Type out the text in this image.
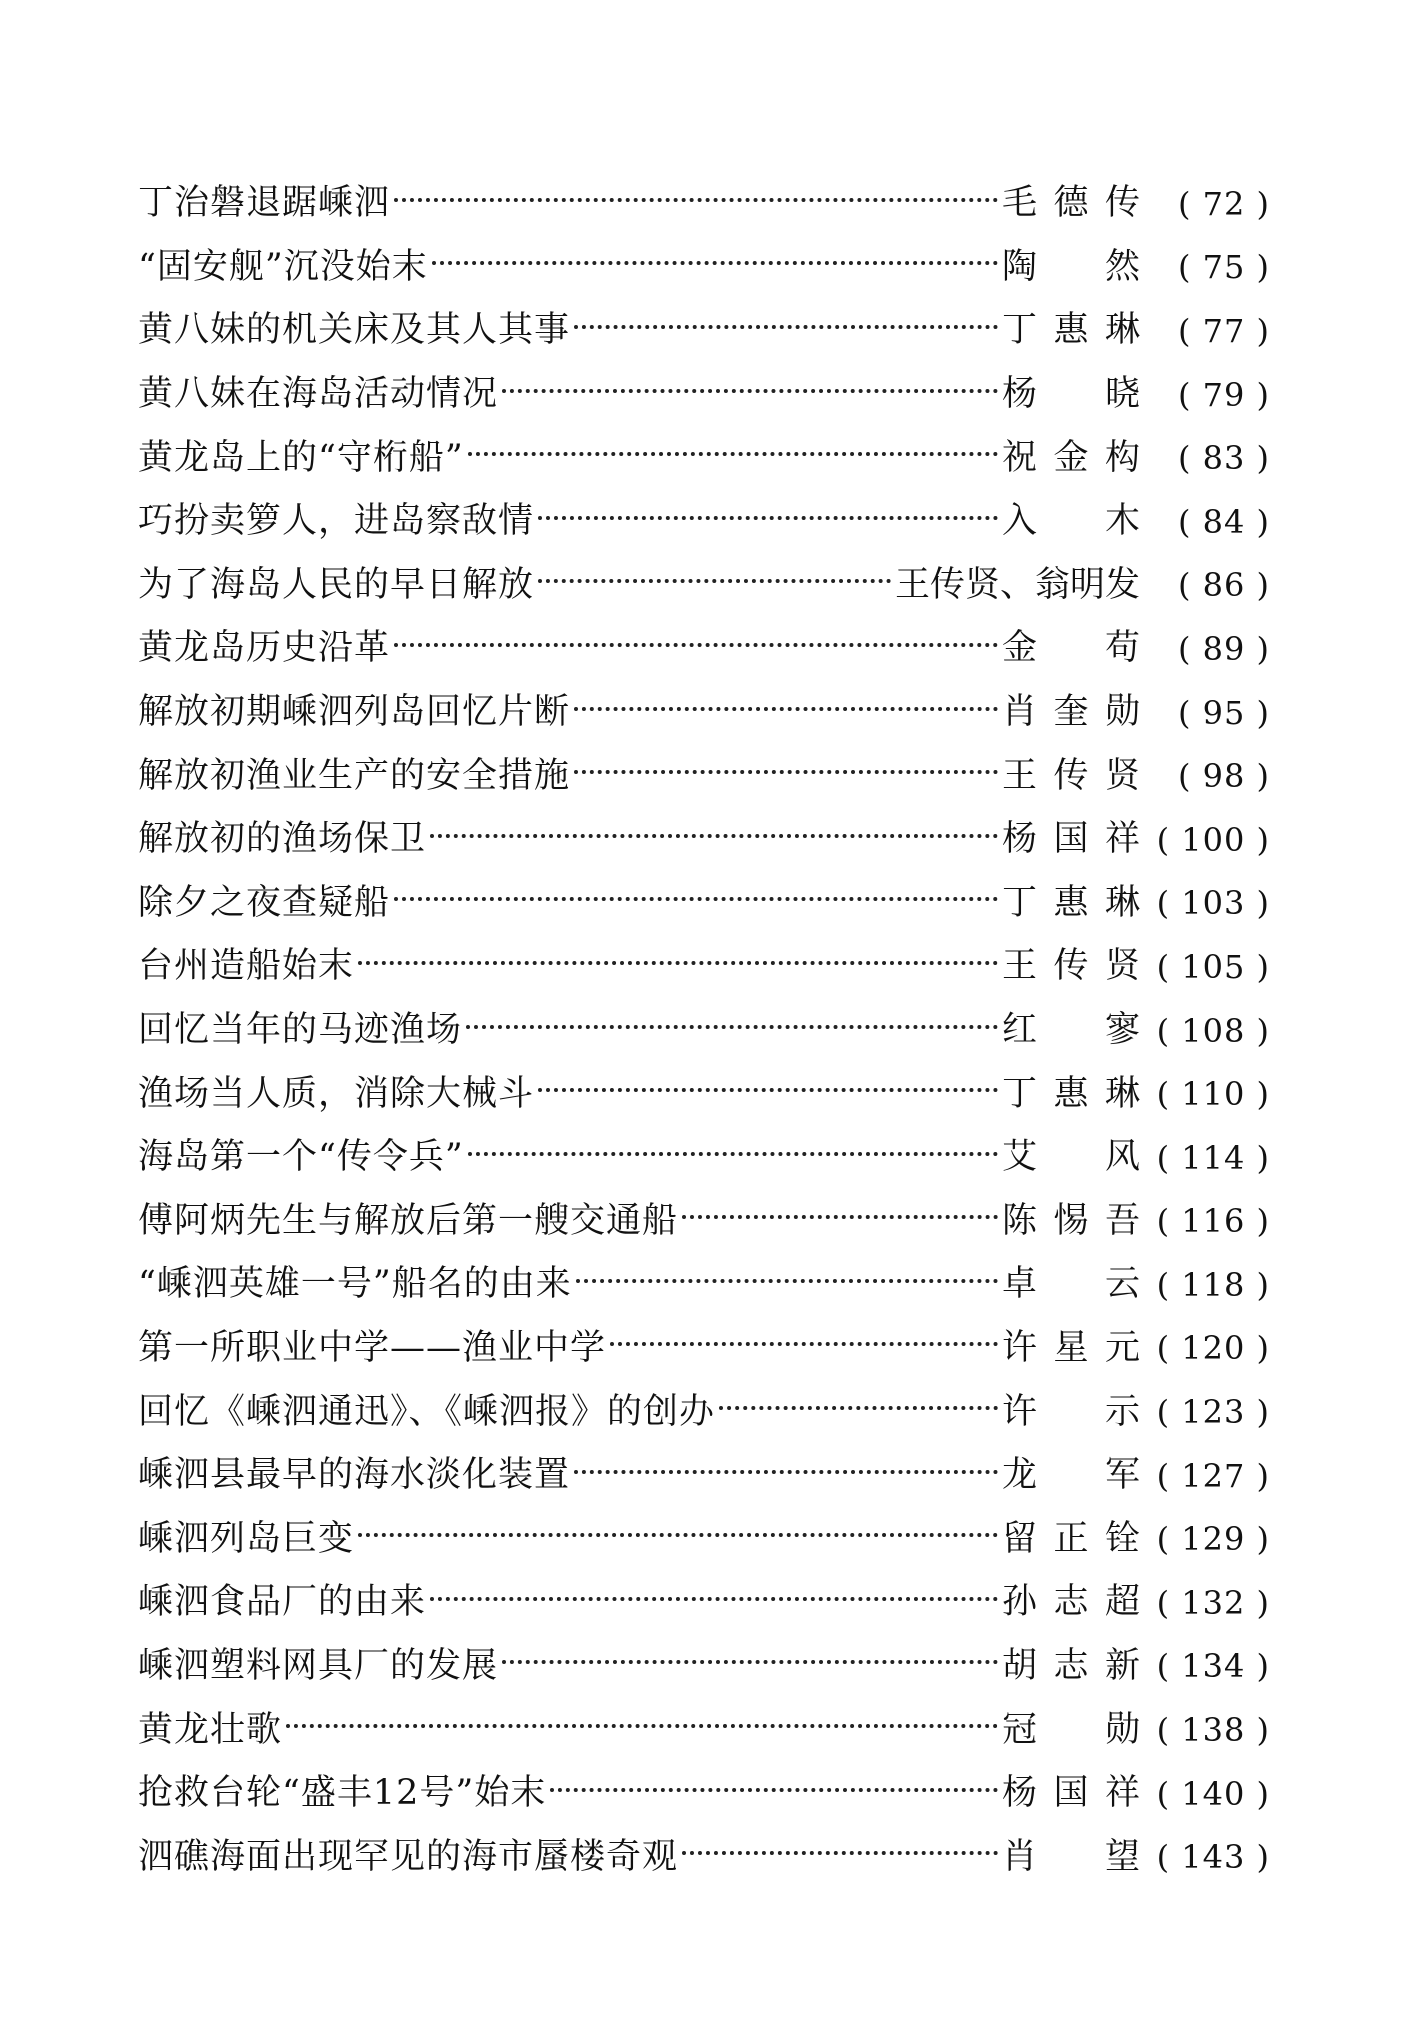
丁治磐退踞嵊泗	毛德传	( 72 )
“固安舰”沉没始末	陶　然	( 75 )
黄八妹的机关床及其人其事	丁惠琳	( 77 )
黄八妹在海岛活动情况	杨　晓	( 79 )
黄龙岛上的“守桁船”	祝金构	( 83 )
巧扮卖箩人，进岛察敌情	入　木	( 84 )
为了海岛人民的早日解放	王传贤、翁明发	( 86 )
黄龙岛历史沿革	金　苟	( 89 )
解放初期嵊泗列岛回忆片断	肖奎勋	( 95 )
解放初渔业生产的安全措施	王传贤	( 98 )
解放初的渔场保卫	杨国祥 ( 100 )
除夕之夜查疑船	丁惠琳 ( 103 )
台州造船始末	王传贤 ( 105 )
回忆当年的马迹渔场	红　寥 ( 108 )
渔场当人质，消除大械斗	丁惠琳 ( 110 )
海岛第一个“传令兵”	艾　风 ( 114 )
傅阿炳先生与解放后第一艘交通船	陈惕吾 ( 116 )
“嵊泗英雄一号”船名的由来	卓　云 ( 118 )
第一所职业中学——渔业中学	许星元 ( 120 )
回忆《嵊泗通迅》、《嵊泗报》的创办	许　示 ( 123 )
嵊泗县最早的海水淡化装置	龙　军 ( 127 )
嵊泗列岛巨变	留正铨 ( 129 )
嵊泗食品厂的由来	孙志超 ( 132 )
嵊泗塑料网具厂的发展	胡志新 ( 134 )
黄龙壮歌	冠　勋 ( 138 )
抢救台轮“盛丰12号”始末	杨国祥 ( 140 )
泗礁海面出现罕见的海市蜃楼奇观	肖　望 ( 143 )
